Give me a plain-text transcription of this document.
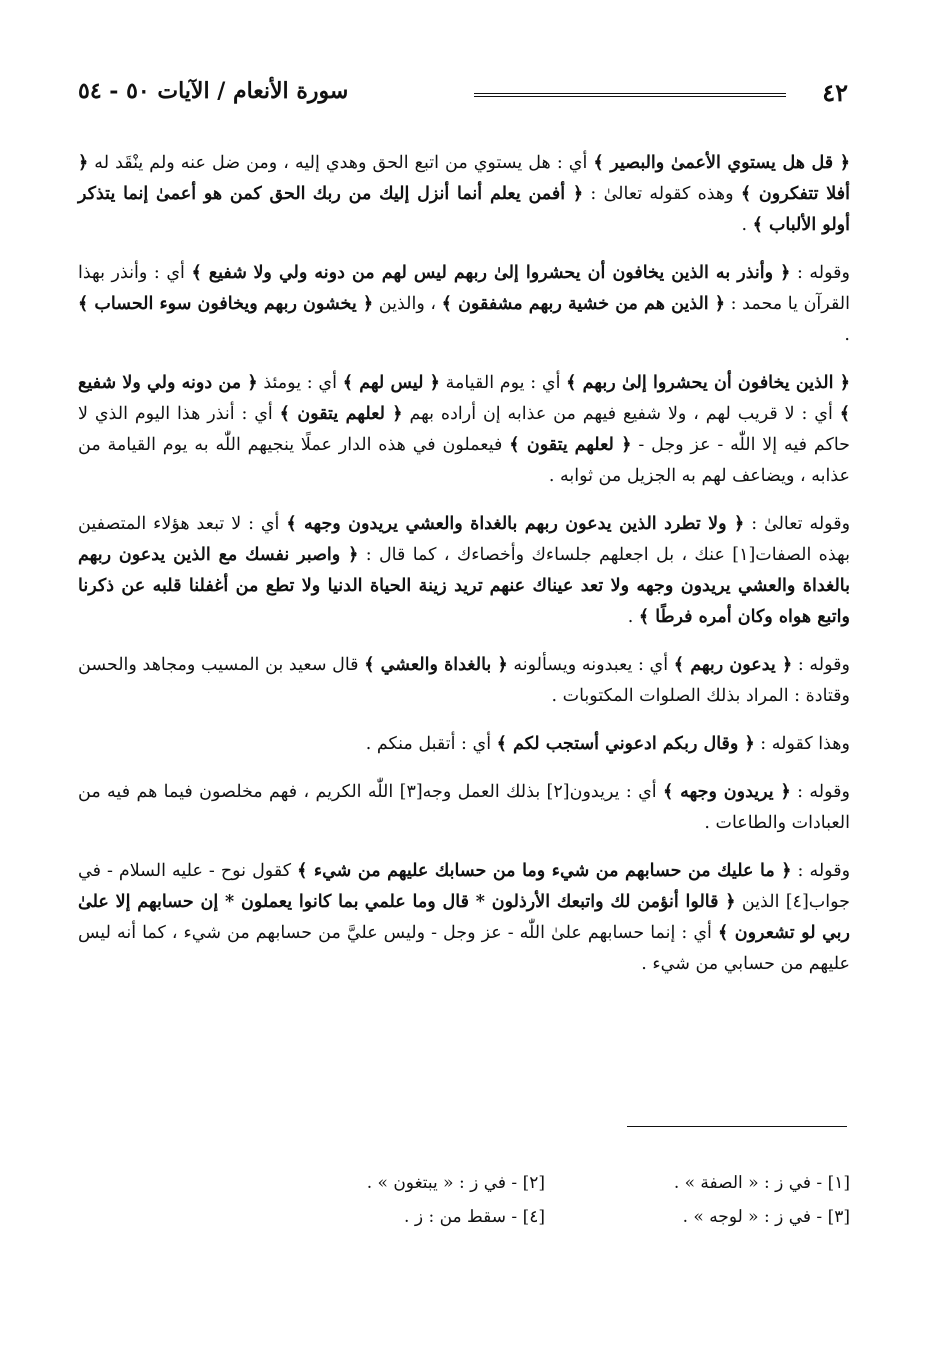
٤٢
سورة الأنعام / الآيات ٥٠ - ٥٤
﴿ قل هل يستوي الأعمىٰ والبصير ﴾ أي : هل يستوي من اتبع الحق وهدي إليه ، ومن ضل عنه ولم ينْقَد له ﴿ أفلا تتفكرون ﴾ وهذه كقوله تعالىٰ : ﴿ أفمن يعلم أنما أنزل إليك من ربك الحق كمن هو أعمىٰ إنما يتذكر أولو الألباب ﴾ .
وقوله : ﴿ وأنذر به الذين يخافون أن يحشروا إلىٰ ربهم ليس لهم من دونه ولي ولا شفيع ﴾ أي : وأنذر بهذا القرآن يا محمد : ﴿ الذين هم من خشية ربهم مشفقون ﴾ ، والذين ﴿ يخشون ربهم ويخافون سوء الحساب ﴾ .
﴿ الذين يخافون أن يحشروا إلىٰ ربهم ﴾ أي : يوم القيامة ﴿ ليس لهم ﴾ أي : يومئذ ﴿ من دونه ولي ولا شفيع ﴾ أي : لا قريب لهم ، ولا شفيع فيهم من عذابه إن أراده بهم ﴿ لعلهم يتقون ﴾ أي : أنذر هذا اليوم الذي لا حاكم فيه إلا اللّٰه - عز وجل - ﴿ لعلهم يتقون ﴾ فيعملون في هذه الدار عملًا ينجيهم اللّٰه به يوم القيامة من عذابه ، ويضاعف لهم به الجزيل من ثوابه .
وقوله تعالىٰ : ﴿ ولا تطرد الذين يدعون ربهم بالغداة والعشي يريدون وجهه ﴾ أي : لا تبعد هؤلاء المتصفين بهذه الصفات[١] عنك ، بل اجعلهم جلساءك وأخصاءك ، كما قال : ﴿ واصبر نفسك مع الذين يدعون ربهم بالغداة والعشي يريدون وجهه ولا تعد عيناك عنهم تريد زينة الحياة الدنيا ولا تطع من أغفلنا قلبه عن ذكرنا واتبع هواه وكان أمره فرطًا ﴾ .
وقوله : ﴿ يدعون ربهم ﴾ أي : يعبدونه ويسألونه ﴿ بالغداة والعشي ﴾ قال سعيد بن المسيب ومجاهد والحسن وقتادة : المراد بذلك الصلوات المكتوبات .
وهذا كقوله : ﴿ وقال ربكم ادعوني أستجب لكم ﴾ أي : أتقبل منكم .
وقوله : ﴿ يريدون وجهه ﴾ أي : يريدون[٢] بذلك العمل وجه[٣] اللّٰه الكريم ، فهم مخلصون فيما هم فيه من العبادات والطاعات .
وقوله : ﴿ ما عليك من حسابهم من شيء وما من حسابك عليهم من شيء ﴾ كقول نوح - عليه السلام - في جواب[٤] الذين ﴿ قالوا أنؤمن لك واتبعك الأرذلون * قال وما علمي بما كانوا يعملون * إن حسابهم إلا علىٰ ربي لو تشعرون ﴾ أي : إنما حسابهم علىٰ اللّٰه - عز وجل - وليس عليَّ من حسابهم من شيء ، كما أنه ليس عليهم من حسابي من شيء .
[١] - في ز : « الصفة » .
[٢] - في ز : « يبتغون » .
[٣] - في ز : « لوجه » .
[٤] - سقط من : ز .
